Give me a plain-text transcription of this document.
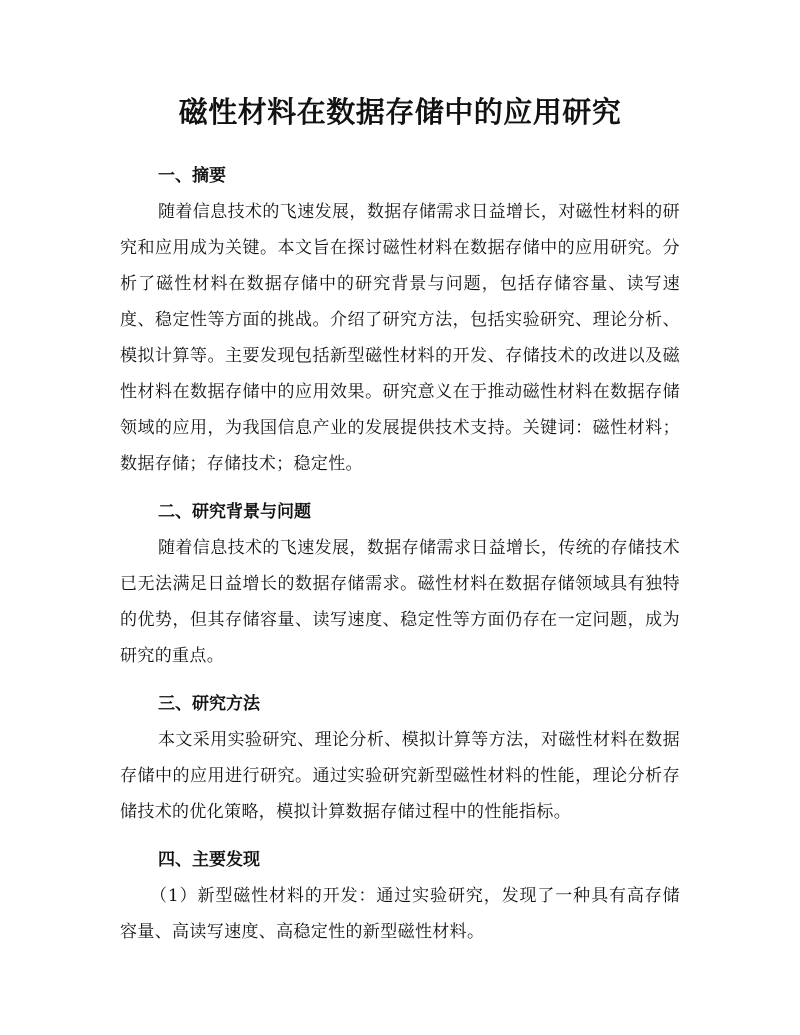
磁性材料在数据存储中的应用研究
一、摘要

随着信息技术的飞速发展，数据存储需求日益增长，对磁性材料的研究和应用成为关键。本文旨在探讨磁性材料在数据存储中的应用研究。分析了磁性材料在数据存储中的研究背景与问题，包括存储容量、读写速度、稳定性等方面的挑战。介绍了研究方法，包括实验研究、理论分析、模拟计算等。主要发现包括新型磁性材料的开发、存储技术的改进以及磁性材料在数据存储中的应用效果。研究意义在于推动磁性材料在数据存储领域的应用，为我国信息产业的发展提供技术支持。关键词：磁性材料；数据存储；存储技术；稳定性。

二、研究背景与问题

随着信息技术的飞速发展，数据存储需求日益增长，传统的存储技术已无法满足日益增长的数据存储需求。磁性材料在数据存储领域具有独特的优势，但其存储容量、读写速度、稳定性等方面仍存在一定问题，成为研究的重点。

三、研究方法

本文采用实验研究、理论分析、模拟计算等方法，对磁性材料在数据存储中的应用进行研究。通过实验研究新型磁性材料的性能，理论分析存储技术的优化策略，模拟计算数据存储过程中的性能指标。

四、主要发现

（1）新型磁性材料的开发：通过实验研究，发现了一种具有高存储容量、高读写速度、高稳定性的新型磁性材料。
